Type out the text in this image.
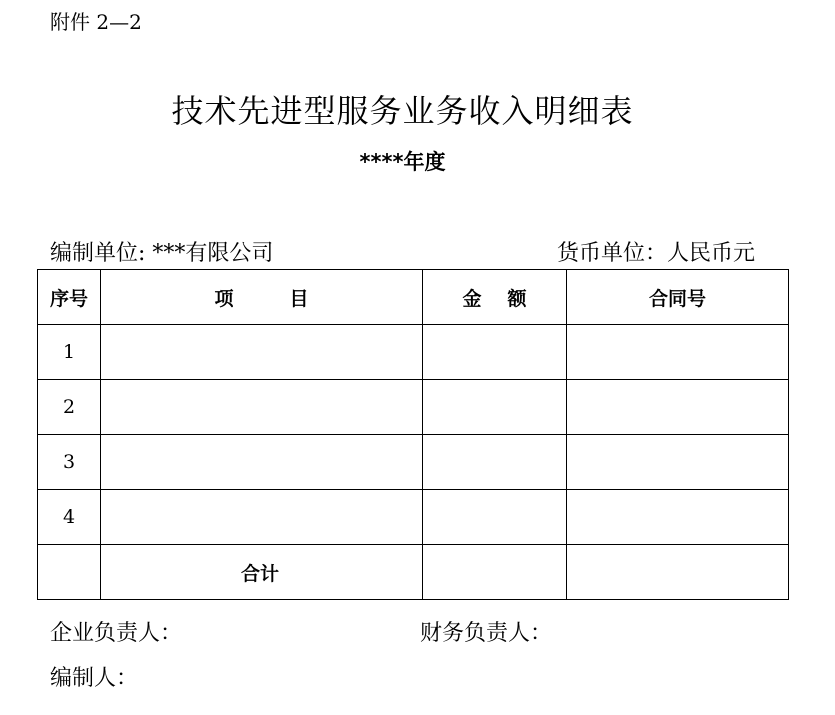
附件 2—2
技术先进型服务业务收入明细表
****年度
编制单位: ***有限公司	货币单位：人民币元
序号	项目	金额	合同号
1			
2			
3			
4			
	合计		
企业负责人：	财务负责人：
编制人：
